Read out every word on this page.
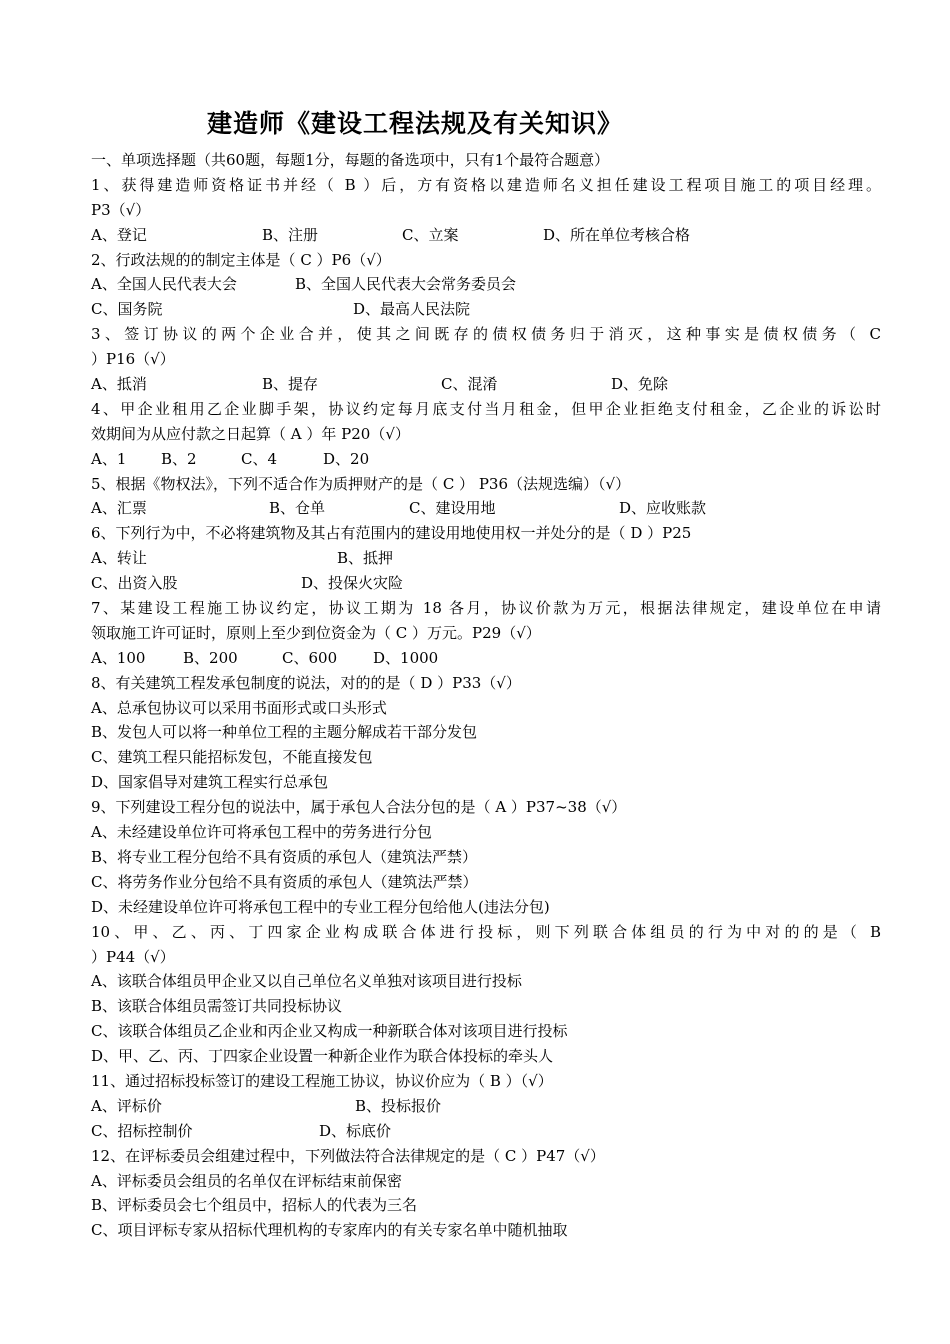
建造师《建设工程法规及有关知识》
一、单项选择题（共60题，每题1分，每题的备选项中，只有1个最符合题意）
1、获得建造师资格证书并经（ B ）后，方有资格以建造师名义担任建设工程项目施工的项目经理。
P3（√）
A、登记	B、注册	C、立案	D、所在单位考核合格
2、行政法规的的制定主体是（ C ）P6（√）
A、全国人民代表大会	B、全国人民代表大会常务委员会
C、国务院	D、最高人民法院
3、签订协议的两个企业合并，使其之间既存的债权债务归于消灭，这种事实是债权债务（ C
）P16（√）
A、抵消	B、提存	C、混淆	D、免除
4、甲企业租用乙企业脚手架，协议约定每月底支付当月租金，但甲企业拒绝支付租金，乙企业的诉讼时
效期间为从应付款之日起算（ A ）年 P20（√）
A、1 B、2	C、4	D、20
5、根据《物权法》，下列不适合作为质押财产的是（ C ） P36（法规选编）（√）
A、汇票	B、仓单	C、建设用地	D、应收账款
6、下列行为中，不必将建筑物及其占有范围内的建设用地使用权一并处分的是（ D ）P25
A、转让	B、抵押
C、出资入股	D、投保火灾险
7、某建设工程施工协议约定，协议工期为 18 各月，协议价款为万元，根据法律规定，建设单位在申请
领取施工许可证时，原则上至少到位资金为（ C ）万元。P29（√）
A、100	B、200	C、600 D、1000
8、有关建筑工程发承包制度的说法，对的的是（ D ）P33（√）
A、总承包协议可以采用书面形式或口头形式
B、发包人可以将一种单位工程的主题分解成若干部分发包
C、建筑工程只能招标发包，不能直接发包
D、国家倡导对建筑工程实行总承包
9、下列建设工程分包的说法中，属于承包人合法分包的是（ A ）P37~38（√）
A、未经建设单位许可将承包工程中的劳务进行分包
B、将专业工程分包给不具有资质的承包人（建筑法严禁）
C、将劳务作业分包给不具有资质的承包人（建筑法严禁）
D、未经建设单位许可将承包工程中的专业工程分包给他人(违法分包)
10、甲、乙、丙、丁四家企业构成联合体进行投标，则下列联合体组员的行为中对的的是（ B
）P44（√）
A、该联合体组员甲企业又以自己单位名义单独对该项目进行投标
B、该联合体组员需签订共同投标协议
C、该联合体组员乙企业和丙企业又构成一种新联合体对该项目进行投标
D、甲、乙、丙、丁四家企业设置一种新企业作为联合体投标的牵头人
11、通过招标投标签订的建设工程施工协议，协议价应为（ B ）（√）
A、评标价	B、投标报价
C、招标控制价	D、标底价
12、在评标委员会组建过程中，下列做法符合法律规定的是（ C ）P47（√）
A、评标委员会组员的名单仅在评标结束前保密
B、评标委员会七个组员中，招标人的代表为三名
C、项目评标专家从招标代理机构的专家库内的有关专家名单中随机抽取
